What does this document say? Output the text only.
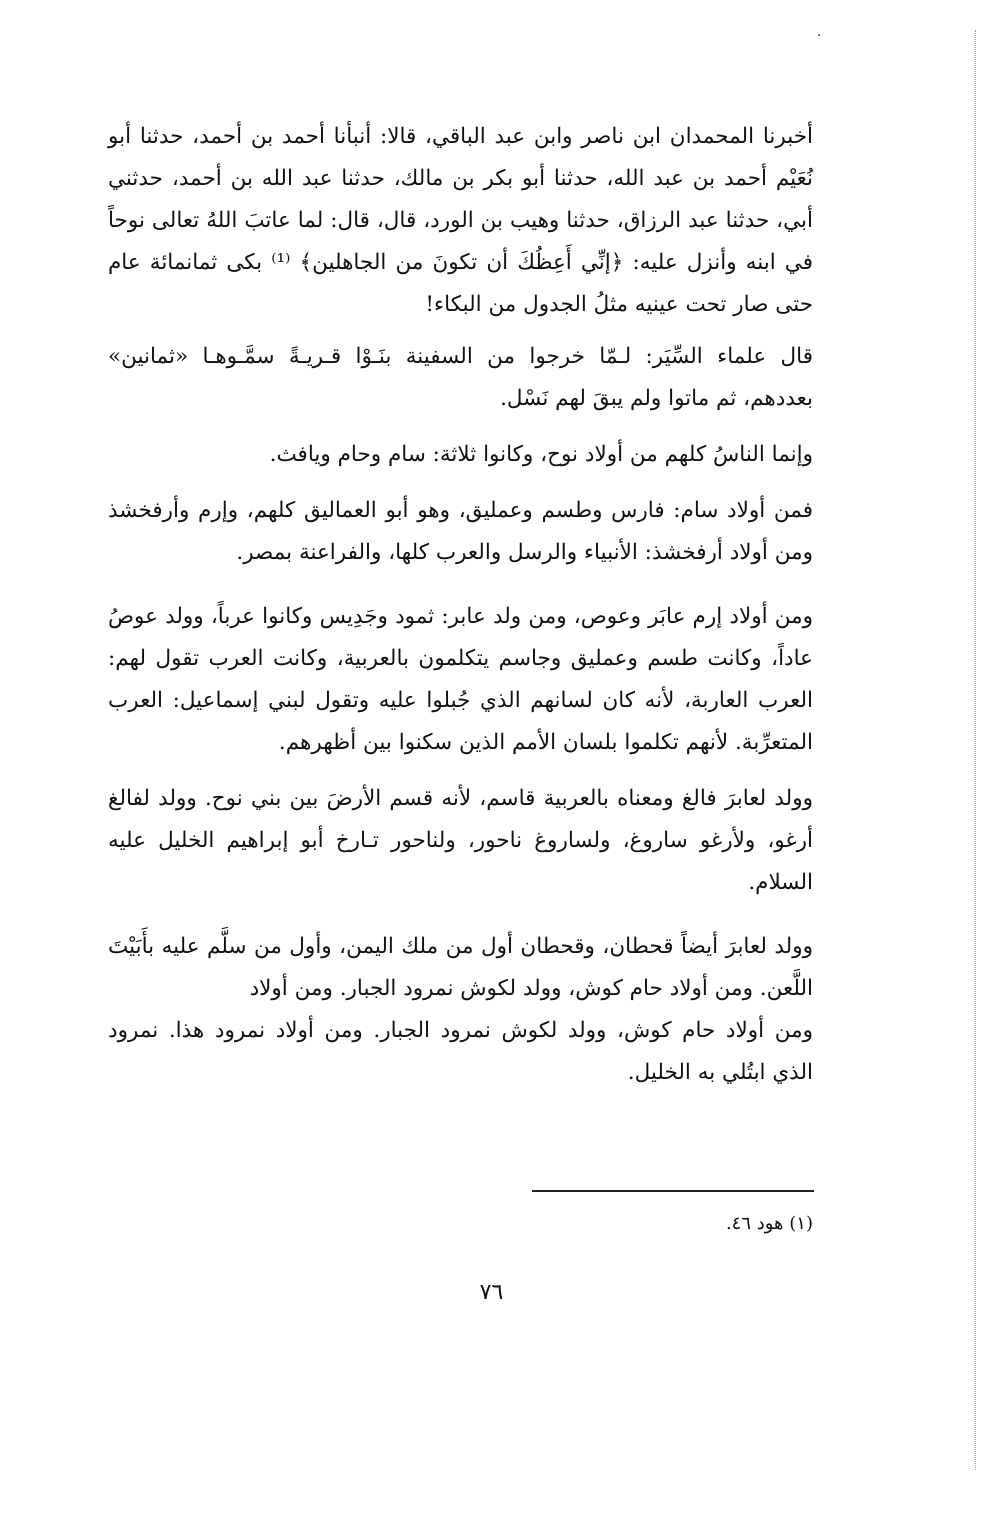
أخبرنا المحمدان ابن ناصر وابن عبد الباقي، قالا: أنبأنا أحمد بن أحمد، حدثنا أبو نُعَيْم أحمد بن عبد الله، حدثنا أبو بكر بن مالك، حدثنا عبد الله بن أحمد، حدثني أبي، حدثنا عبد الرزاق، حدثنا وهيب بن الورد، قال، قال: لما عاتبَ اللهُ تعالى نوحاً في ابنه وأنزل عليه: ﴿إنِّي أَعِظُكَ أن تكونَ من الجاهلين﴾ ⁽¹⁾ بكى ثمانمائة عام حتى صار تحت عينيه مثلُ الجدول من البكاء!

قال علماء السِّيَر: لـمّا خرجوا من السفينة بنَـوْا قـريـةً سمَّـوهـا «ثمانين» بعددهم، ثم ماتوا ولم يبقَ لهم نَسْل.

وإنما الناسُ كلهم من أولاد نوح، وكانوا ثلاثة: سام وحام ويافث.

فمن أولاد سام: فارس وطسم وعمليق، وهو أبو العماليق كلهم، وإرم وأرفخشذ ومن أولاد أرفخشذ: الأنبياء والرسل والعرب كلها، والفراعنة بمصر.

ومن أولاد إرم عابَر وعوص، ومن ولد عابر: ثمود وجَدِيس وكانوا عرباً، وولد عوصُ عاداً، وكانت طسم وعمليق وجاسم يتكلمون بالعربية، وكانت العرب تقول لهم: العرب العاربة، لأنه كان لسانهم الذي جُبلوا عليه وتقول لبني إسماعيل: العرب المتعرِّبة. لأنهم تكلموا بلسان الأمم الذين سكنوا بين أظهرهم.

وولد لعابرَ فالغ ومعناه بالعربية قاسم، لأنه قسم الأرضَ بين بني نوح. وولد لفالغ أرغو، ولأرغو ساروغ، ولساروغ ناحور، ولناحور تـارخ أبو إبراهيم الخليل عليه السلام.

وولد لعابرَ أيضاً قحطان، وقحطان أول من ملك اليمن، وأول من سلَّم عليه بأَبَيْتَ اللَّعن. ومن أولاد حام كوش، وولد لكوش نمرود الجبار. ومن أولاد

ومن أولاد حام كوش، وولد لكوش نمرود الجبار. ومن أولاد نمرود هذا. نمرود الذي ابتُلي به الخليل.

(١) هود ٤٦.
٧٦
